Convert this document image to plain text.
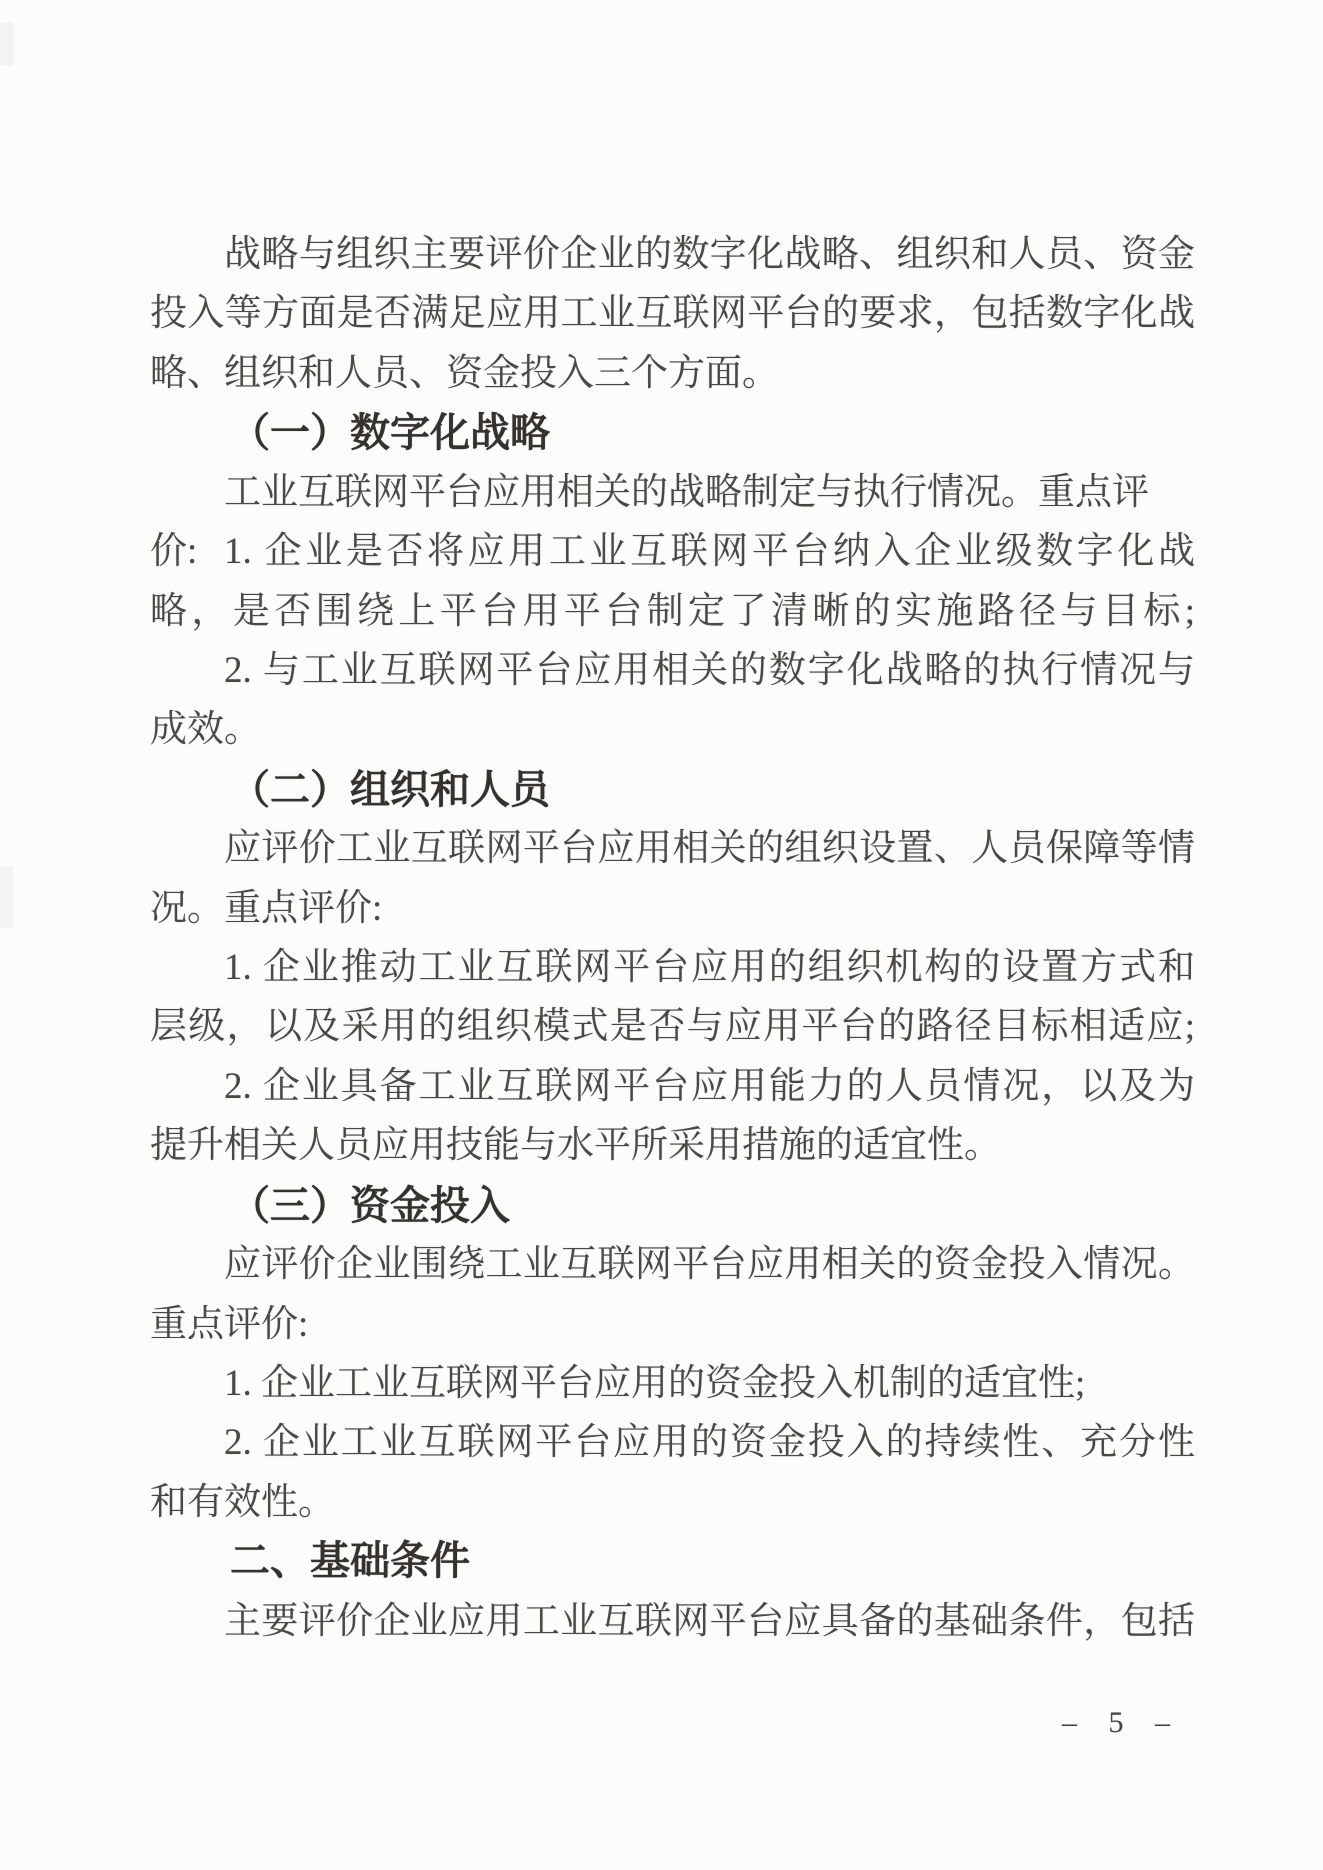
战略与组织主要评价企业的数字化战略、组织和人员、资金
投入等方面是否满足应用工业互联网平台的要求，包括数字化战
略、组织和人员、资金投入三个方面。
（一）数字化战略
工业互联网平台应用相关的战略制定与执行情况。重点评价: 1. 企业是否将应用工业互联网平台纳入企业级数字化战
略，是否围绕上平台用平台制定了清晰的实施路径与目标;
2. 与工业互联网平台应用相关的数字化战略的执行情况与
成效。
（二）组织和人员
应评价工业互联网平台应用相关的组织设置、人员保障等情
况。重点评价:
1. 企业推动工业互联网平台应用的组织机构的设置方式和
层级，以及采用的组织模式是否与应用平台的路径目标相适应;
2. 企业具备工业互联网平台应用能力的人员情况，以及为
提升相关人员应用技能与水平所采用措施的适宜性。
（三）资金投入
应评价企业围绕工业互联网平台应用相关的资金投入情况。
重点评价:
1. 企业工业互联网平台应用的资金投入机制的适宜性;
2. 企业工业互联网平台应用的资金投入的持续性、充分性
和有效性。
二、基础条件
主要评价企业应用工业互联网平台应具备的基础条件，包括
– 5 –
